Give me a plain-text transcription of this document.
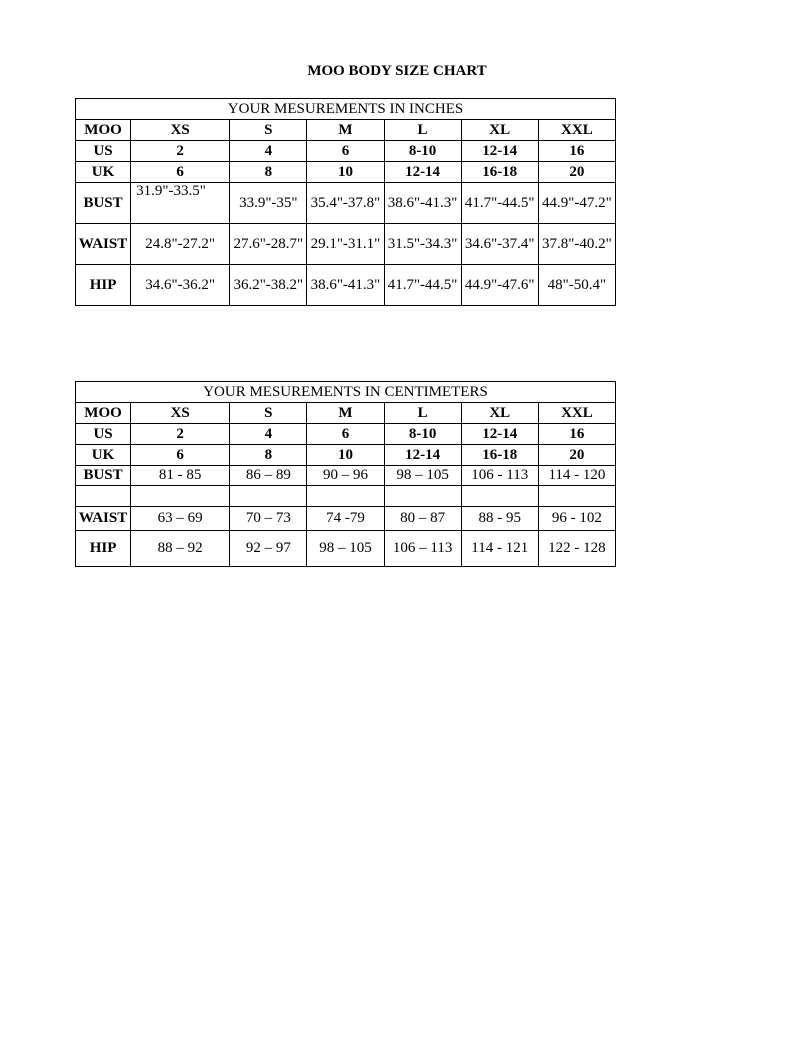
MOO BODY SIZE CHART
YOUR MESUREMENTS IN INCHES						
MOO	XS	S	M	L	XL	XXL
US	2	4	6	8-10	12-14	16
UK	6	8	10	12-14	16-18	20
BUST	31.9"-33.5"	33.9"-35"	35.4"-37.8"	38.6"-41.3"	41.7"-44.5"	44.9"-47.2"
WAIST	24.8"-27.2"	27.6"-28.7"	29.1"-31.1"	31.5"-34.3"	34.6"-37.4"	37.8"-40.2"
HIP	34.6"-36.2"	36.2"-38.2"	38.6"-41.3"	41.7"-44.5"	44.9"-47.6"	48"-50.4"
YOUR MESUREMENTS IN CENTIMETERS						
MOO	XS	S	M	L	XL	XXL
US	2	4	6	8-10	12-14	16
UK	6	8	10	12-14	16-18	20
BUST	81 - 85	86 – 89	90 – 96	98 – 105	106 - 113	114 - 120

WAIST	63 – 69	70 – 73	74 -79	80 – 87	88 - 95	96 - 102
HIP	88 – 92	92 – 97	98 – 105	106 – 113	114 - 121	122 - 128
